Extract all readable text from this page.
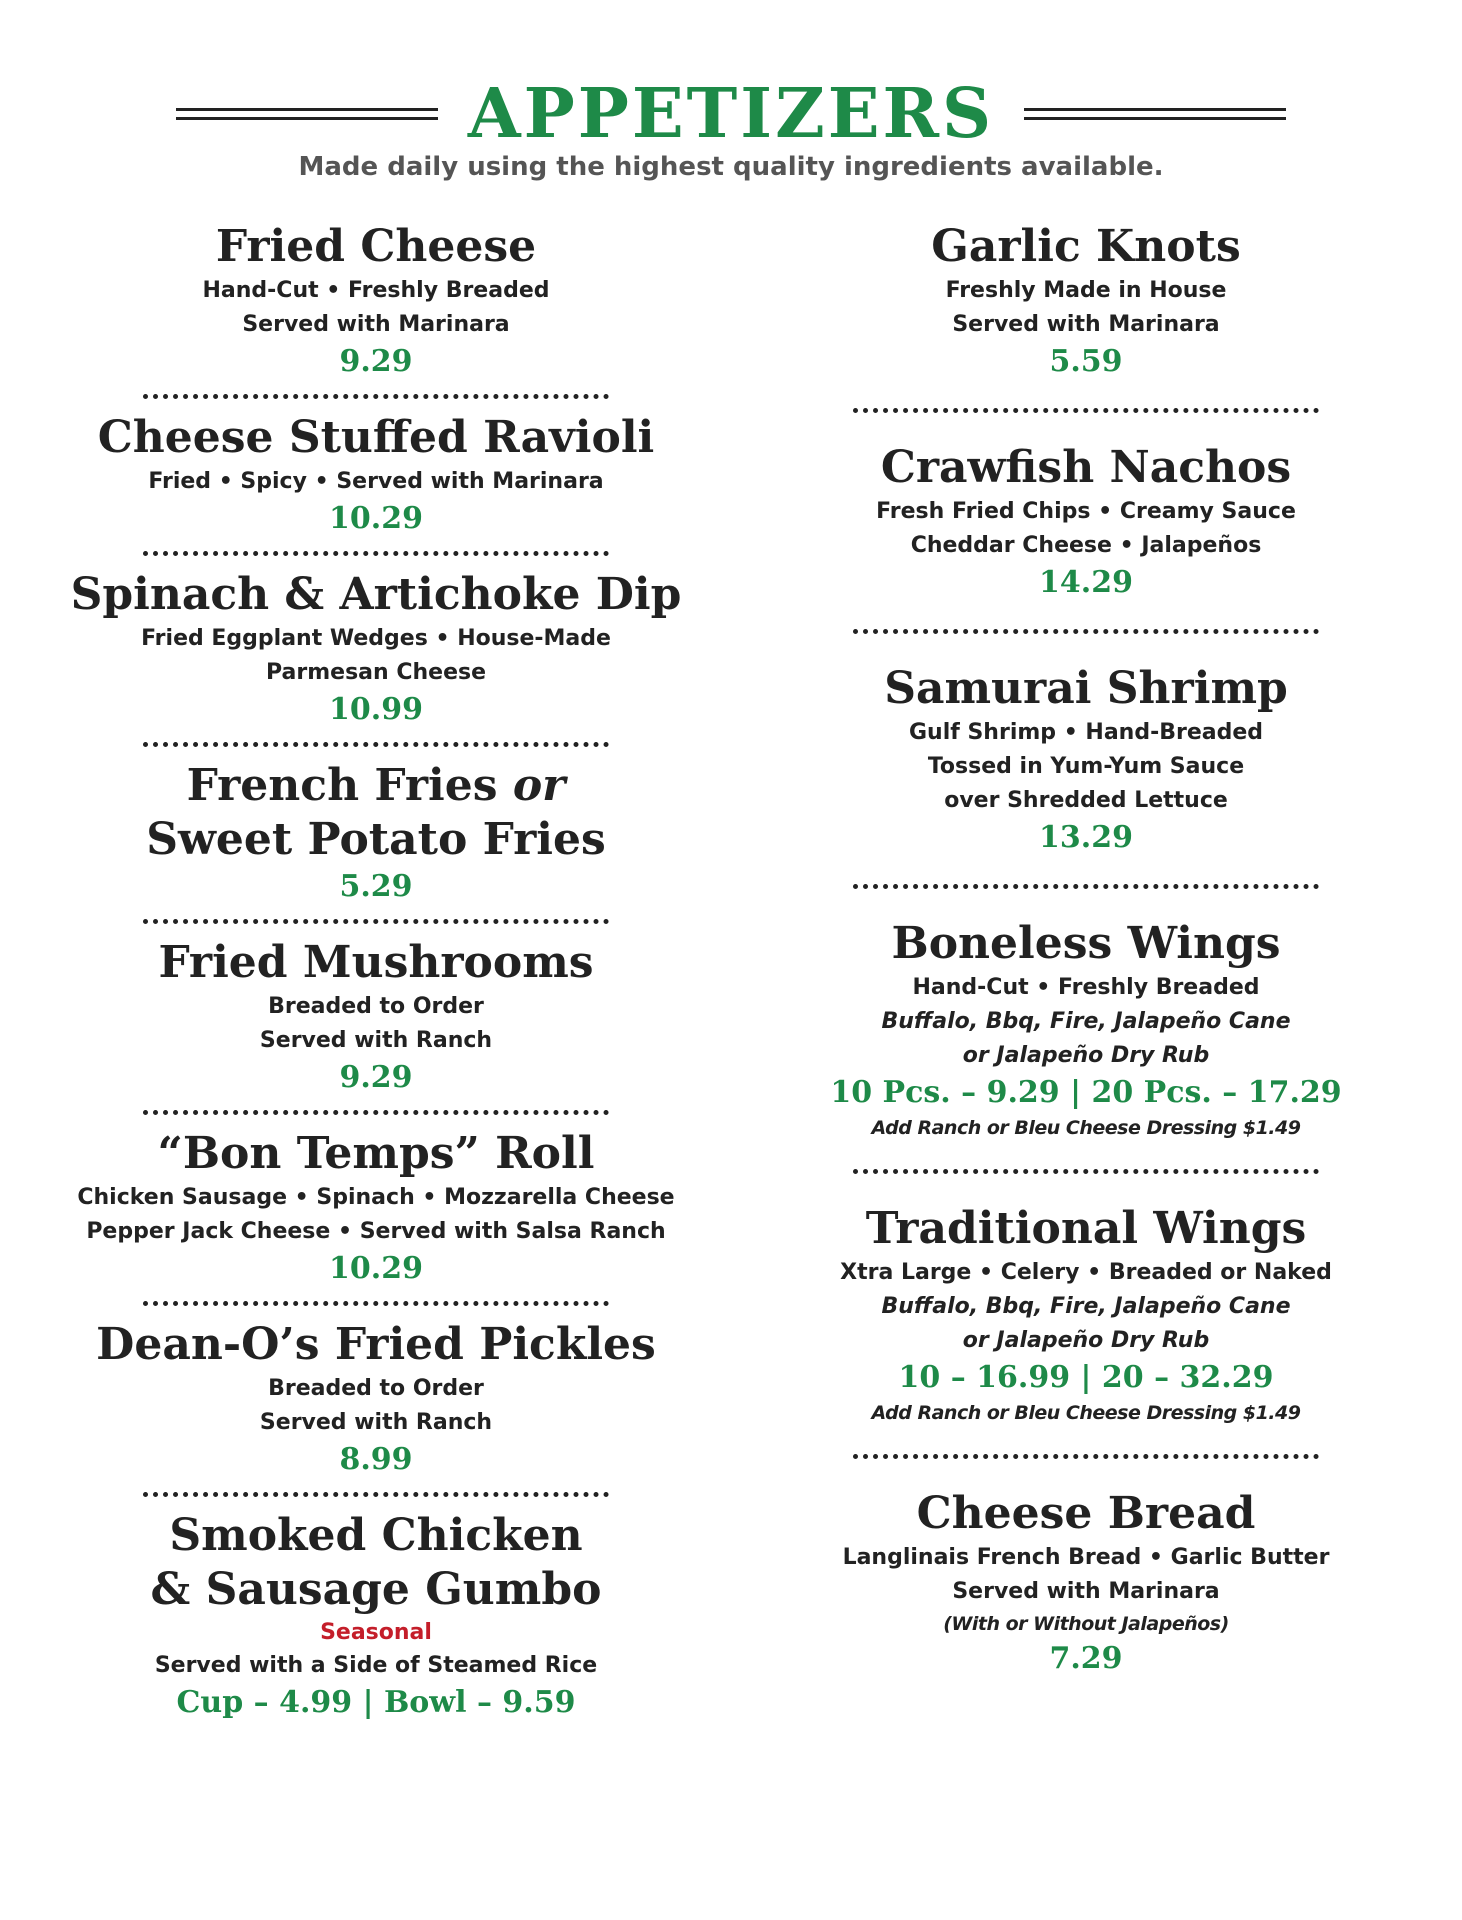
APPETIZERS
Made daily using the highest quality ingredients available.
Fried Cheese
Hand-Cut • Freshly Breaded
Served with Marinara
9.29
Cheese Stuffed Ravioli
Fried • Spicy • Served with Marinara
10.29
Spinach & Artichoke Dip
Fried Eggplant Wedges • House-Made
Parmesan Cheese
10.99
French Fries or
Sweet Potato Fries
5.29
Fried Mushrooms
Breaded to Order
Served with Ranch
9.29
“Bon Temps” Roll
Chicken Sausage • Spinach • Mozzarella Cheese
Pepper Jack Cheese • Served with Salsa Ranch
10.29
Dean-O’s Fried Pickles
Breaded to Order
Served with Ranch
8.99
Smoked Chicken
& Sausage Gumbo
Seasonal
Served with a Side of Steamed Rice
Cup – 4.99 | Bowl – 9.59
Garlic Knots
Freshly Made in House
Served with Marinara
5.59
Crawfish Nachos
Fresh Fried Chips • Creamy Sauce
Cheddar Cheese • Jalapeños
14.29
Samurai Shrimp
Gulf Shrimp • Hand-Breaded
Tossed in Yum-Yum Sauce
over Shredded Lettuce
13.29
Boneless Wings
Hand-Cut • Freshly Breaded
Buffalo, Bbq, Fire, Jalapeño Cane
or Jalapeño Dry Rub
10 Pcs. – 9.29 | 20 Pcs. – 17.29
Add Ranch or Bleu Cheese Dressing $1.49
Traditional Wings
Xtra Large • Celery • Breaded or Naked
Buffalo, Bbq, Fire, Jalapeño Cane
or Jalapeño Dry Rub
10 – 16.99 | 20 – 32.29
Add Ranch or Bleu Cheese Dressing $1.49
Cheese Bread
Langlinais French Bread • Garlic Butter
Served with Marinara
(With or Without Jalapeños)
7.29
